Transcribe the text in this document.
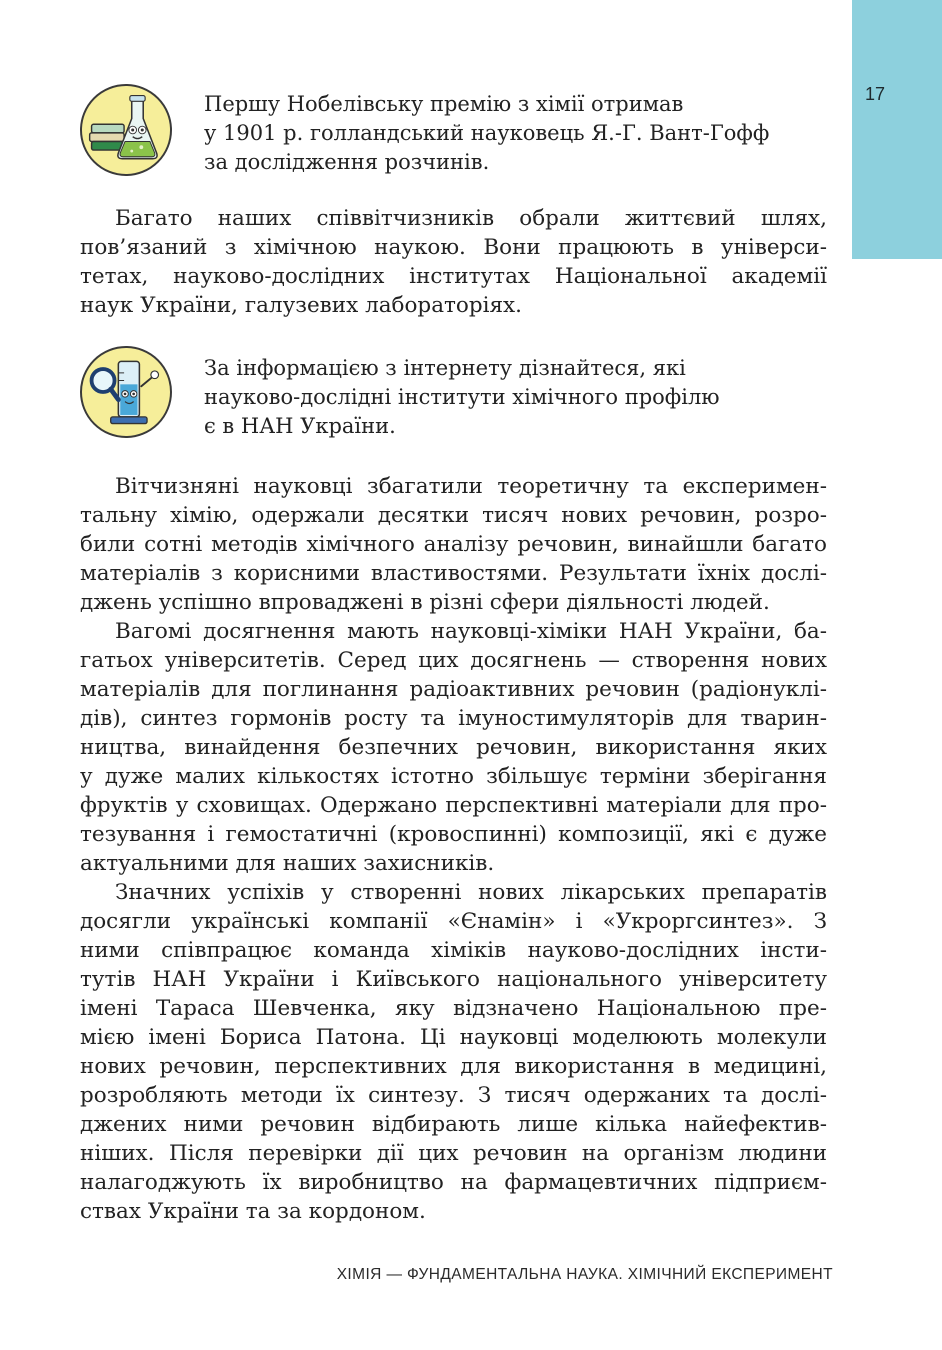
17
Першу Нобелівську премію з хімії отримав
у 1901 р. голландський науковець Я.-Г. Вант-Гофф
за дослідження розчинів.
Багато наших співвітчизників обрали життєвий шлях,
пов’язаний з хімічною наукою. Вони працюють в універси-
тетах, науково-дослідних інститутах Національної академії
наук України, галузевих лабораторіях.
За інформацією з інтернету дізнайтеся, які
науково-дослідні інститути хімічного профілю
є в НАН України.
Вітчизняні науковці збагатили теоретичну та експеримен-
тальну хімію, одержали десятки тисяч нових речовин, розро-
били сотні методів хімічного аналізу речовин, винайшли багато
матеріалів з корисними властивостями. Результати їхніх дослі-
джень успішно впроваджені в різні сфери діяльності людей.
Вагомі досягнення мають науковці-хіміки НАН України, ба-
гатьох університетів. Серед цих досягнень — створення нових
матеріалів для поглинання радіоактивних речовин (радіонуклі-
дів), синтез гормонів росту та імуностимуляторів для тварин-
ництва, винайдення безпечних речовин, використання яких
у дуже малих кількостях істотно збільшує терміни зберігання
фруктів у сховищах. Одержано перспективні матеріали для про-
тезування і гемостатичні (кровоспинні) композиції, які є дуже
актуальними для наших захисників.
Значних успіхів у створенні нових лікарських препаратів
досягли українські компанії «Єнамін» і «Укроргсинтез». З
ними співпрацює команда хіміків науково-дослідних інсти-
тутів НАН України і Київського національного університету
імені Тараса Шевченка, яку відзначено Національною пре-
мією імені Бориса Патона. Ці науковці моделюють молекули
нових речовин, перспективних для використання в медицині,
розробляють методи їх синтезу. З тисяч одержаних та дослі-
джених ними речовин відбирають лише кілька найефектив-
ніших. Після перевірки дії цих речовин на організм людини
налагоджують їх виробництво на фармацевтичних підприєм-
ствах України та за кордоном.
ХІМІЯ — ФУНДАМЕНТАЛЬНА НАУКА. ХІМІЧНИЙ ЕКСПЕРИМЕНТ
